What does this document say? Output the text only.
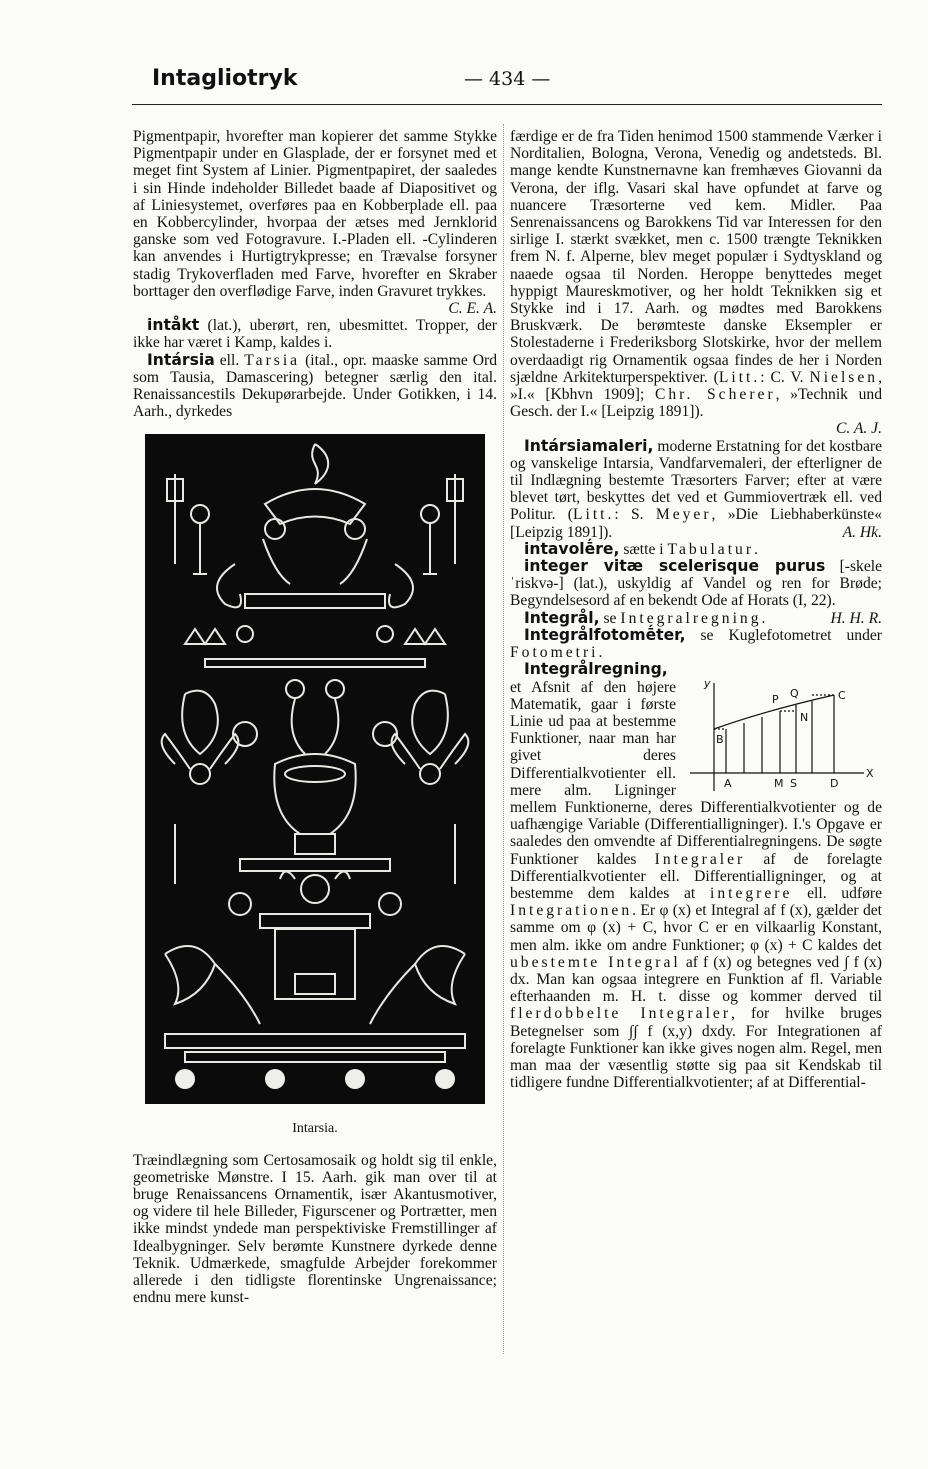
Intagliotryk	— 434 —

Pigmentpapir, hvorefter man kopierer det samme Stykke Pigmentpapir under en Glasplade, der er forsynet med et meget fint System af Linier. Pigmentpapiret, der saaledes i sin Hinde indeholder Billedet baade af Diapositivet og af Liniesystemet, overføres paa en Kobberplade ell. paa en Kobbercylinder, hvorpaa der ætses med Jernklorid ganske som ved Fotogravure. I.-Pladen ell. -Cylinderen kan anvendes i Hurtigtrykpresse; en Trævalse forsyner stadig Trykoverfladen med Farve, hvorefter en Skraber borttager den overflødige Farve, inden Gravuret trykkes.
C. E. A.

intåkt (lat.), uberørt, ren, ubesmittet. Tropper, der ikke har været i Kamp, kaldes i.

Intársia ell. Tarsia (ital., opr. maaske samme Ord som Tausia, Damascering) betegner særlig den ital. Renaissancestils Dekupørarbejde. Under Gotikken, i 14. Aarh., dyrkedes

Intarsia.

Træindlægning som Certosamosaik og holdt sig til enkle, geometriske Mønstre. I 15. Aarh. gik man over til at bruge Renaissancens Ornamentik, især Akantusmotiver, og videre til hele Billeder, Figurscener og Portrætter, men ikke mindst yndede man perspektiviske Fremstillinger af Idealbygninger. Selv berømte Kunstnere dyrkede denne Teknik. Udmærkede, smagfulde Arbejder forekommer allerede i den tidligste florentinske Ungrenaissance; endnu mere kunst-

færdige er de fra Tiden henimod 1500 stammende Værker i Norditalien, Bologna, Verona, Venedig og andetsteds. Bl. mange kendte Kunstnernavne kan fremhæves Giovanni da Verona, der iflg. Vasari skal have opfundet at farve og nuancere Træsorterne ved kem. Midler. Paa Senrenaissancens og Barokkens Tid var Interessen for den sirlige I. stærkt svækket, men c. 1500 trængte Teknikken frem N. f. Alperne, blev meget populær i Sydtyskland og naaede ogsaa til Norden. Heroppe benyttedes meget hyppigt Maureskmotiver, og her holdt Teknikken sig et Stykke ind i 17. Aarh. og mødtes med Barokkens Bruskværk. De berømteste danske Eksempler er Stolestaderne i Frederiksborg Slotskirke, hvor der mellem overdaadigt rig Ornamentik ogsaa findes de her i Norden sjældne Arkitekturperspektiver. (Litt.: C. V. Nielsen, »I.« [Kbhvn 1909]; Chr. Scherer, »Technik und Gesch. der I.« [Leipzig 1891]).
C. A. J.

Intársiamaleri, moderne Erstatning for det kostbare og vanskelige Intarsia, Vandfarvemaleri, der efterligner de til Indlægning bestemte Træsorters Farver; efter at være blevet tørt, beskyttes det ved et Gummiovertræk ell. ved Politur. (Litt.: S. Meyer, »Die Liebhaberkünste« [Leipzig 1891]).	A. Hk.

intavolḗre, sætte i Tabulatur.

integer vitæ scelerisque purus [-skele ˈriskvə-] (lat.), uskyldig af Vandel og ren for Brøde; Begyndelsesord af en bekendt Ode af Horats (I, 22).
H. H. R.

Integrål, se Integralregning.

Integrålfotomḗter, se Kuglefotometret under Fotometri.

Integrålregning,
y
X
P Q	C
N
B
A	M S	D
et Afsnit af den højere Matematik, gaar i første Linie ud paa at bestemme Funktioner, naar man har givet deres Differentialkvotienter ell. mere alm. Ligninger mellem Funktionerne, deres Differentialkvotienter og de uafhængige Variable (Differentialligninger). I.'s Opgave er saaledes den omvendte af Differentialregningens. De søgte Funktioner kaldes Integraler af de forelagte Differentialkvotienter ell. Differentialligninger, og at bestemme dem kaldes at integrere ell. udføre Integrationen. Er φ (x) et Integral af f (x), gælder det samme om φ (x) + C, hvor C er en vilkaarlig Konstant, men alm. ikke om andre Funktioner; φ (x) + C kaldes det ubestemte Integral af f (x) og betegnes ved ∫ f (x) dx. Man kan ogsaa integrere en Funktion af fl. Variable efterhaanden m. H. t. disse og kommer derved til flerdobbelte Integraler, for hvilke bruges Betegnelser som ∫∫ f (x,y) dxdy. For Integrationen af forelagte Funktioner kan ikke gives nogen alm. Regel, men man maa der væsentlig støtte sig paa sit Kendskab til tidligere fundne Differentialkvotienter; af at Differential-
